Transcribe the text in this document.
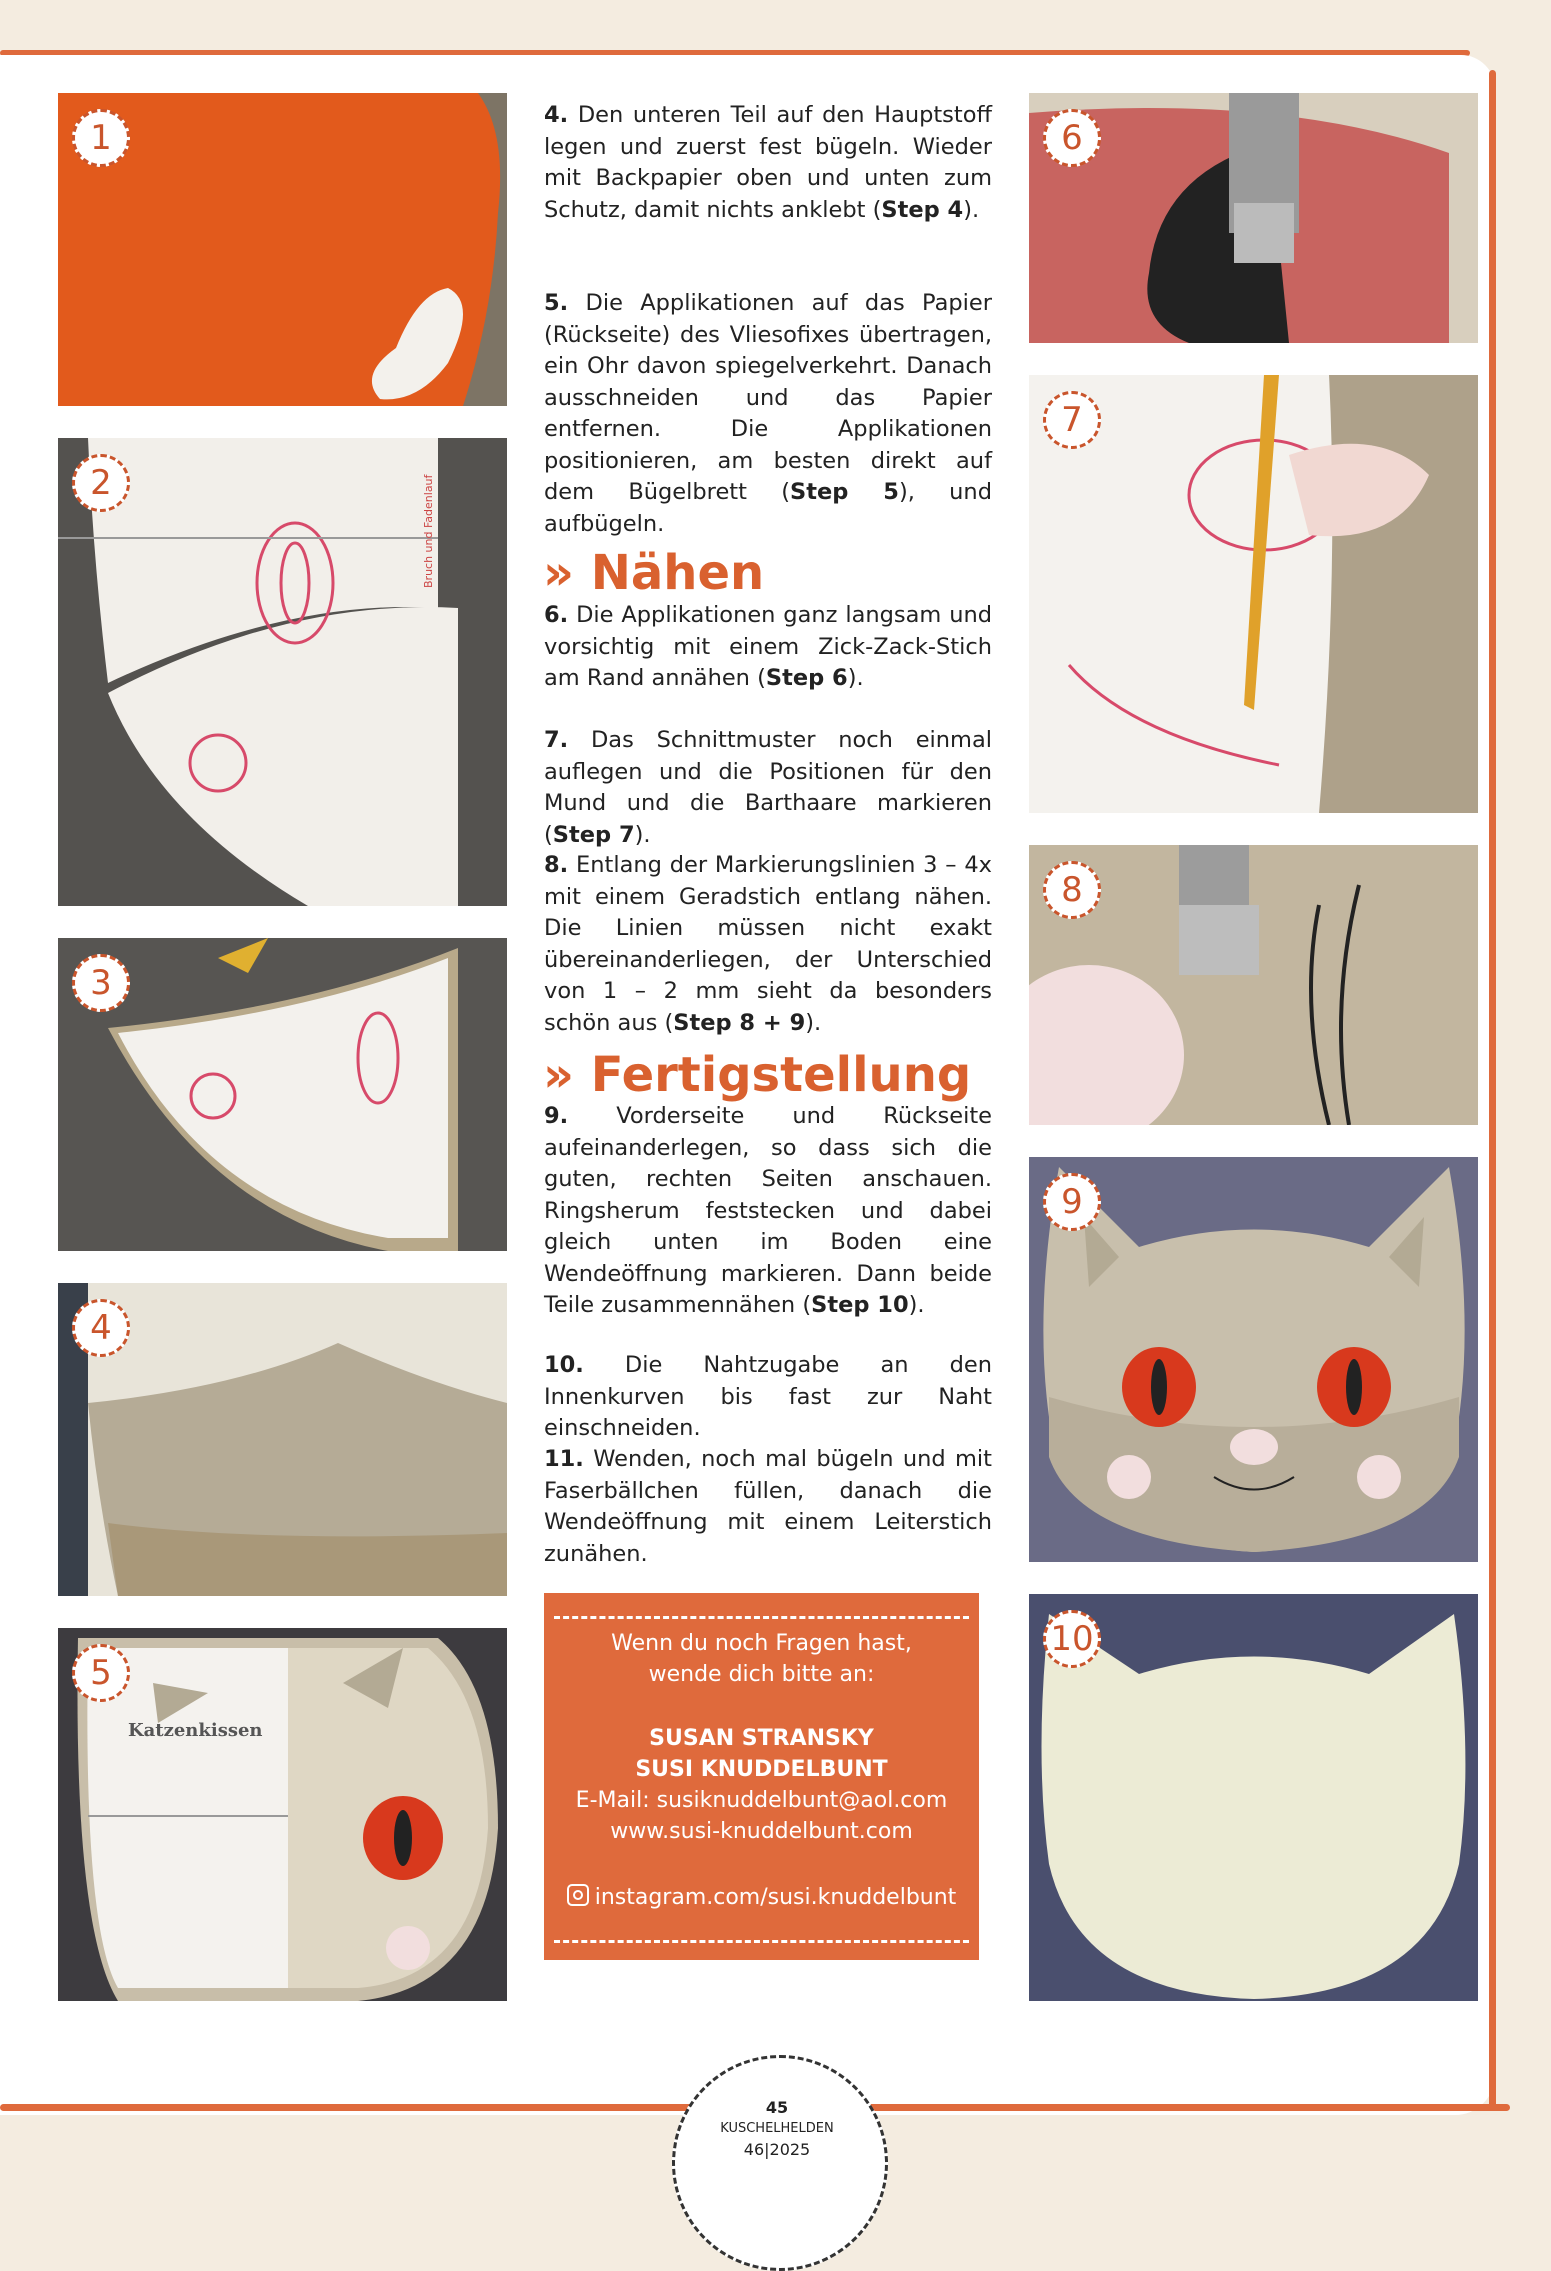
1
Bruch und Fadenlauf
2
3
4
Katzenkissen
5
6
7
8
9
10

4. Den unteren Teil auf den Hauptstoff legen und zuerst fest bügeln. Wieder mit Backpapier oben und unten zum Schutz, damit nichts anklebt (Step 4).

5. Die Applikationen auf das Papier (Rückseite) des Vliesofixes übertragen, ein Ohr davon spiegelverkehrt. Danach ausschneiden und das Papier entfernen. Die Applikationen positionieren, am besten direkt auf dem Bügelbrett (Step 5), und aufbügeln.

» Nähen

6. Die Applikationen ganz langsam und vorsichtig mit einem Zick-Zack-Stich am Rand annähen (Step 6).

7. Das Schnittmuster noch einmal auflegen und die Positionen für den Mund und die Barthaare markieren (Step 7).

8. Entlang der Markierungslinien 3 – 4x mit einem Geradstich entlang nähen. Die Linien müssen nicht exakt übereinanderliegen, der Unterschied von 1 – 2 mm sieht da besonders schön aus (Step 8 + 9).

» Fertigstellung

9. Vorderseite und Rückseite aufeinanderlegen, so dass sich die guten, rechten Seiten anschauen. Ringsherum feststecken und dabei gleich unten im Boden eine Wendeöffnung markieren. Dann beide Teile zusammennähen (Step 10).

10. Die Nahtzugabe an den Innenkurven bis fast zur Naht einschneiden.

11. Wenden, noch mal bügeln und mit Faserbällchen füllen, danach die Wendeöffnung mit einem Leiterstich zunähen.

Wenn du noch Fragen hast,
wende dich bitte an:
SUSAN STRANSKY
SUSI KNUDDELBUNT
E-Mail: susiknuddelbunt@aol.com
www.susi-knuddelbunt.com
instagram.com/susi.knuddelbunt
45
KUSCHELHELDEN
46|2025
